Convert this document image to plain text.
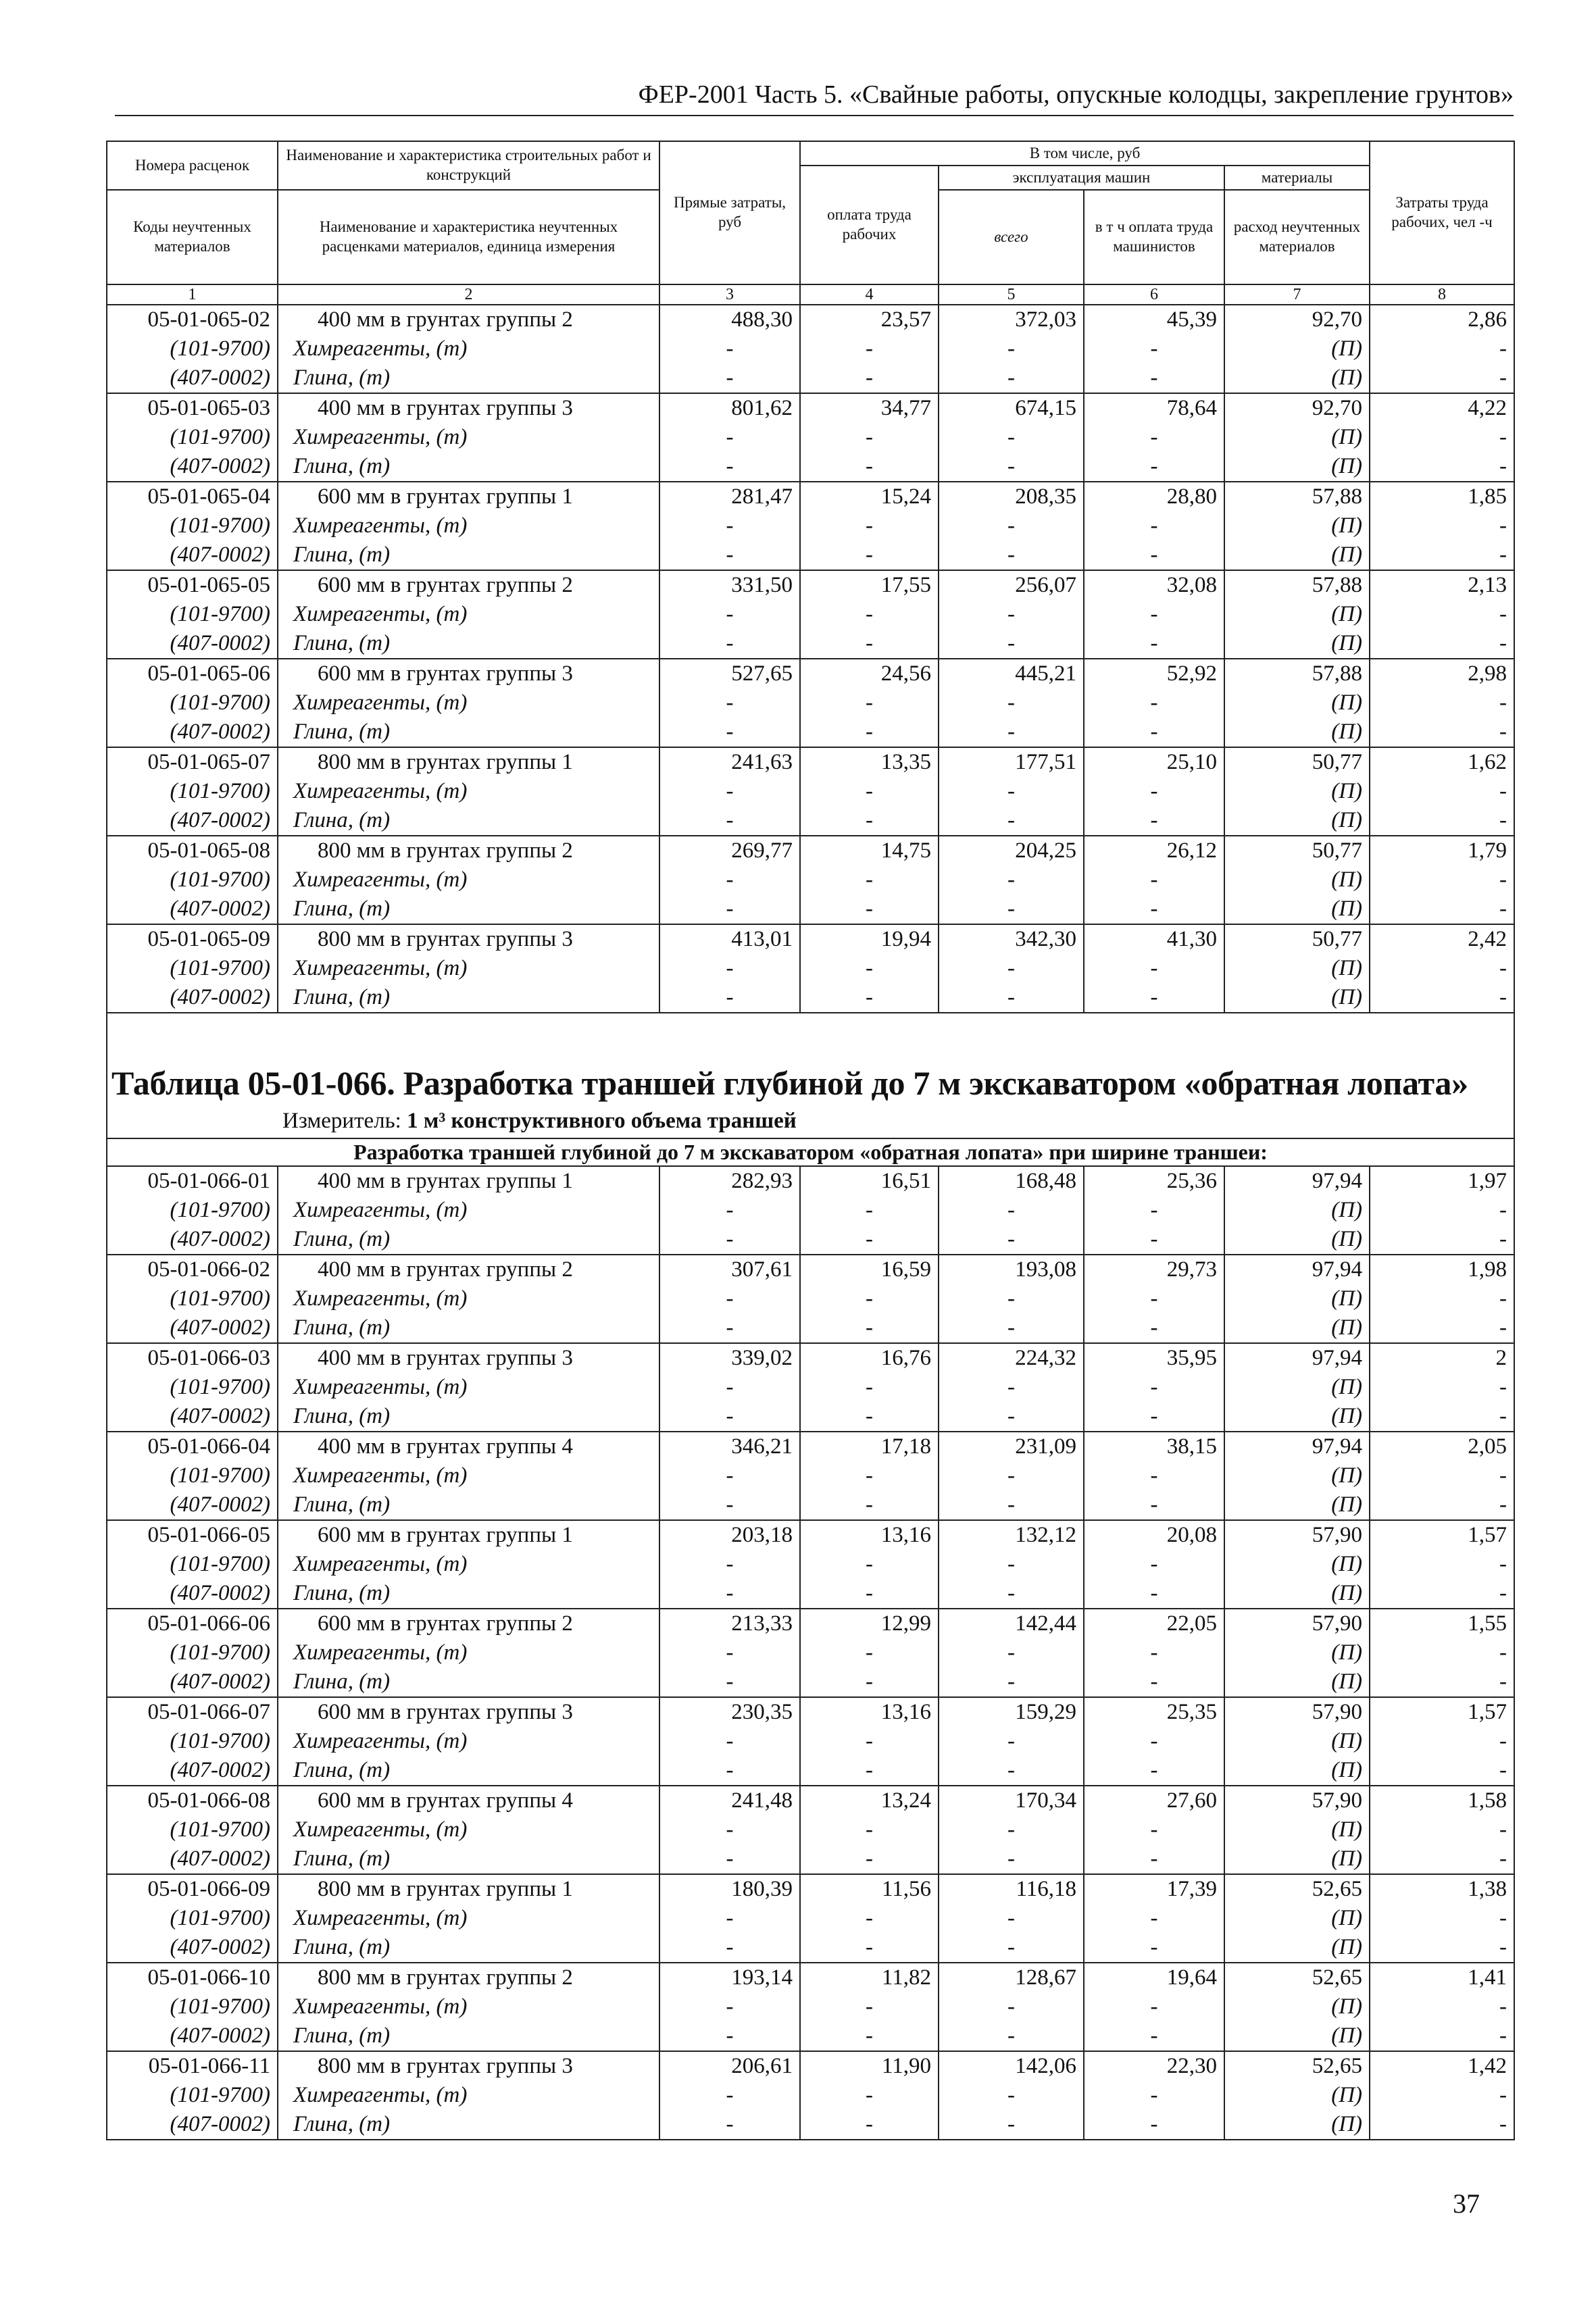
ФЕР-2001 Часть 5. «Свайные работы, опускные колодцы, закрепление грунтов»
Номера расценок	Наименование и характеристика строительных работ и конструкций	Прямые затраты, руб	В том числе, руб				Затраты труда рабочих, чел -ч
			оплата труда рабочих	эксплуатация машин		материалы	
Коды неучтенных материалов	Наименование и характеристика неучтенных расценками материалов, единица измерения			всего	в т ч оплата труда машинистов	расход неучтенных материалов	

1	2	3	4	5	6	7	8
05-01-065-02	400 мм в грунтах группы 2	488,30	23,57	372,03	45,39	92,70	2,86
(101-9700)	Химреагенты, (т)	-	-	-	-	(П)	-
(407-0002)	Глина, (т)	-	-	-	-	(П)	-
05-01-065-03	400 мм в грунтах группы 3	801,62	34,77	674,15	78,64	92,70	4,22
(101-9700)	Химреагенты, (т)	-	-	-	-	(П)	-
(407-0002)	Глина, (т)	-	-	-	-	(П)	-
05-01-065-04	600 мм в грунтах группы 1	281,47	15,24	208,35	28,80	57,88	1,85
(101-9700)	Химреагенты, (т)	-	-	-	-	(П)	-
(407-0002)	Глина, (т)	-	-	-	-	(П)	-
05-01-065-05	600 мм в грунтах группы 2	331,50	17,55	256,07	32,08	57,88	2,13
(101-9700)	Химреагенты, (т)	-	-	-	-	(П)	-
(407-0002)	Глина, (т)	-	-	-	-	(П)	-
05-01-065-06	600 мм в грунтах группы 3	527,65	24,56	445,21	52,92	57,88	2,98
(101-9700)	Химреагенты, (т)	-	-	-	-	(П)	-
(407-0002)	Глина, (т)	-	-	-	-	(П)	-
05-01-065-07	800 мм в грунтах группы 1	241,63	13,35	177,51	25,10	50,77	1,62
(101-9700)	Химреагенты, (т)	-	-	-	-	(П)	-
(407-0002)	Глина, (т)	-	-	-	-	(П)	-
05-01-065-08	800 мм в грунтах группы 2	269,77	14,75	204,25	26,12	50,77	1,79
(101-9700)	Химреагенты, (т)	-	-	-	-	(П)	-
(407-0002)	Глина, (т)	-	-	-	-	(П)	-
05-01-065-09	800 мм в грунтах группы 3	413,01	19,94	342,30	41,30	50,77	2,42
(101-9700)	Химреагенты, (т)	-	-	-	-	(П)	-
(407-0002)	Глина, (т)	-	-	-	-	(П)	-

Таблица 05-01-066. Разработка траншей глубиной до 7 м экскаватором «обратная лопата»							

Измеритель: 1 м³ конструктивного объема траншей							

Разработка траншей глубиной до 7 м экскаватором «обратная лопата» при ширине траншеи:							
05-01-066-01	400 мм в грунтах группы 1	282,93	16,51	168,48	25,36	97,94	1,97
(101-9700)	Химреагенты, (т)	-	-	-	-	(П)	-
(407-0002)	Глина, (т)	-	-	-	-	(П)	-
05-01-066-02	400 мм в грунтах группы 2	307,61	16,59	193,08	29,73	97,94	1,98
(101-9700)	Химреагенты, (т)	-	-	-	-	(П)	-
(407-0002)	Глина, (т)	-	-	-	-	(П)	-
05-01-066-03	400 мм в грунтах группы 3	339,02	16,76	224,32	35,95	97,94	2
(101-9700)	Химреагенты, (т)	-	-	-	-	(П)	-
(407-0002)	Глина, (т)	-	-	-	-	(П)	-
05-01-066-04	400 мм в грунтах группы 4	346,21	17,18	231,09	38,15	97,94	2,05
(101-9700)	Химреагенты, (т)	-	-	-	-	(П)	-
(407-0002)	Глина, (т)	-	-	-	-	(П)	-
05-01-066-05	600 мм в грунтах группы 1	203,18	13,16	132,12	20,08	57,90	1,57
(101-9700)	Химреагенты, (т)	-	-	-	-	(П)	-
(407-0002)	Глина, (т)	-	-	-	-	(П)	-
05-01-066-06	600 мм в грунтах группы 2	213,33	12,99	142,44	22,05	57,90	1,55
(101-9700)	Химреагенты, (т)	-	-	-	-	(П)	-
(407-0002)	Глина, (т)	-	-	-	-	(П)	-
05-01-066-07	600 мм в грунтах группы 3	230,35	13,16	159,29	25,35	57,90	1,57
(101-9700)	Химреагенты, (т)	-	-	-	-	(П)	-
(407-0002)	Глина, (т)	-	-	-	-	(П)	-
05-01-066-08	600 мм в грунтах группы 4	241,48	13,24	170,34	27,60	57,90	1,58
(101-9700)	Химреагенты, (т)	-	-	-	-	(П)	-
(407-0002)	Глина, (т)	-	-	-	-	(П)	-
05-01-066-09	800 мм в грунтах группы 1	180,39	11,56	116,18	17,39	52,65	1,38
(101-9700)	Химреагенты, (т)	-	-	-	-	(П)	-
(407-0002)	Глина, (т)	-	-	-	-	(П)	-
05-01-066-10	800 мм в грунтах группы 2	193,14	11,82	128,67	19,64	52,65	1,41
(101-9700)	Химреагенты, (т)	-	-	-	-	(П)	-
(407-0002)	Глина, (т)	-	-	-	-	(П)	-
05-01-066-11	800 мм в грунтах группы 3	206,61	11,90	142,06	22,30	52,65	1,42
(101-9700)	Химреагенты, (т)	-	-	-	-	(П)	-
(407-0002)	Глина, (т)	-	-	-	-	(П)	-
37
